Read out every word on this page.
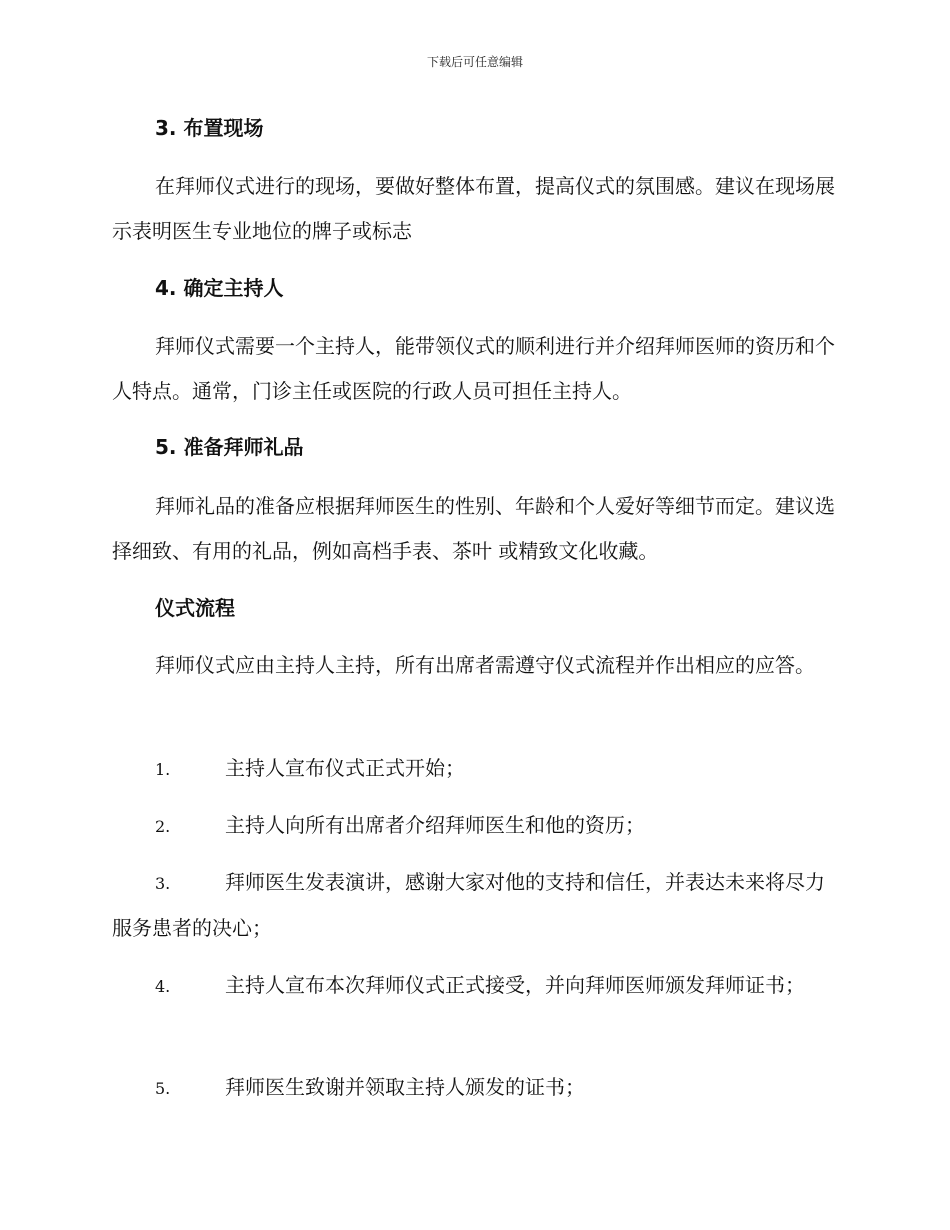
下载后可任意编辑
3. 布置现场
在拜师仪式进行的现场，要做好整体布置，提高仪式的氛围感。建议在现场展示表明医生专业地位的牌子或标志
4. 确定主持人
拜师仪式需要一个主持人，能带领仪式的顺利进行并介绍拜师医师的资历和个人特点。通常，门诊主任或医院的行政人员可担任主持人。
5. 准备拜师礼品
拜师礼品的准备应根据拜师医生的性别、年龄和个人爱好等细节而定。建议选择细致、有用的礼品，例如高档手表、茶叶 或精致文化收藏。
仪式流程
拜师仪式应由主持人主持，所有出席者需遵守仪式流程并作出相应的应答。
1.	主持人宣布仪式正式开始；
2.	主持人向所有出席者介绍拜师医生和他的资历；
3.	拜师医生发表演讲，感谢大家对他的支持和信任，并表达未来将尽力服务患者的决心；
4.	主持人宣布本次拜师仪式正式接受，并向拜师医师颁发拜师证书；
5.	拜师医生致谢并领取主持人颁发的证书；
